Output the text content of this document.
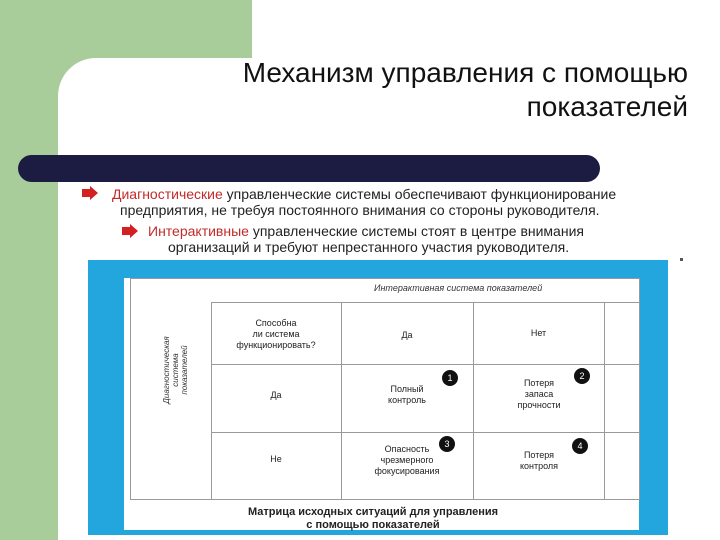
Механизм управления с помощью
показателей
Диагностические управленческие системы обеспечивают функционирование
предприятия, не требуя постоянного внимания со стороны руководителя.
Интерактивные управленческие системы стоят в центре внимания
организаций и требуют непрестанного участия руководителя.
Интерактивная система показателей
Диагностическая система показателей
Способна
ли система
функционировать?
Да	Нет
Да
Не
Полный
контроль
1	Потеря
запаса
прочности
2
Опасность
чрезмерного
фокусирования
3
Потеря
контроля
4
Матрица исходных ситуаций для управления
с помощью показателей
